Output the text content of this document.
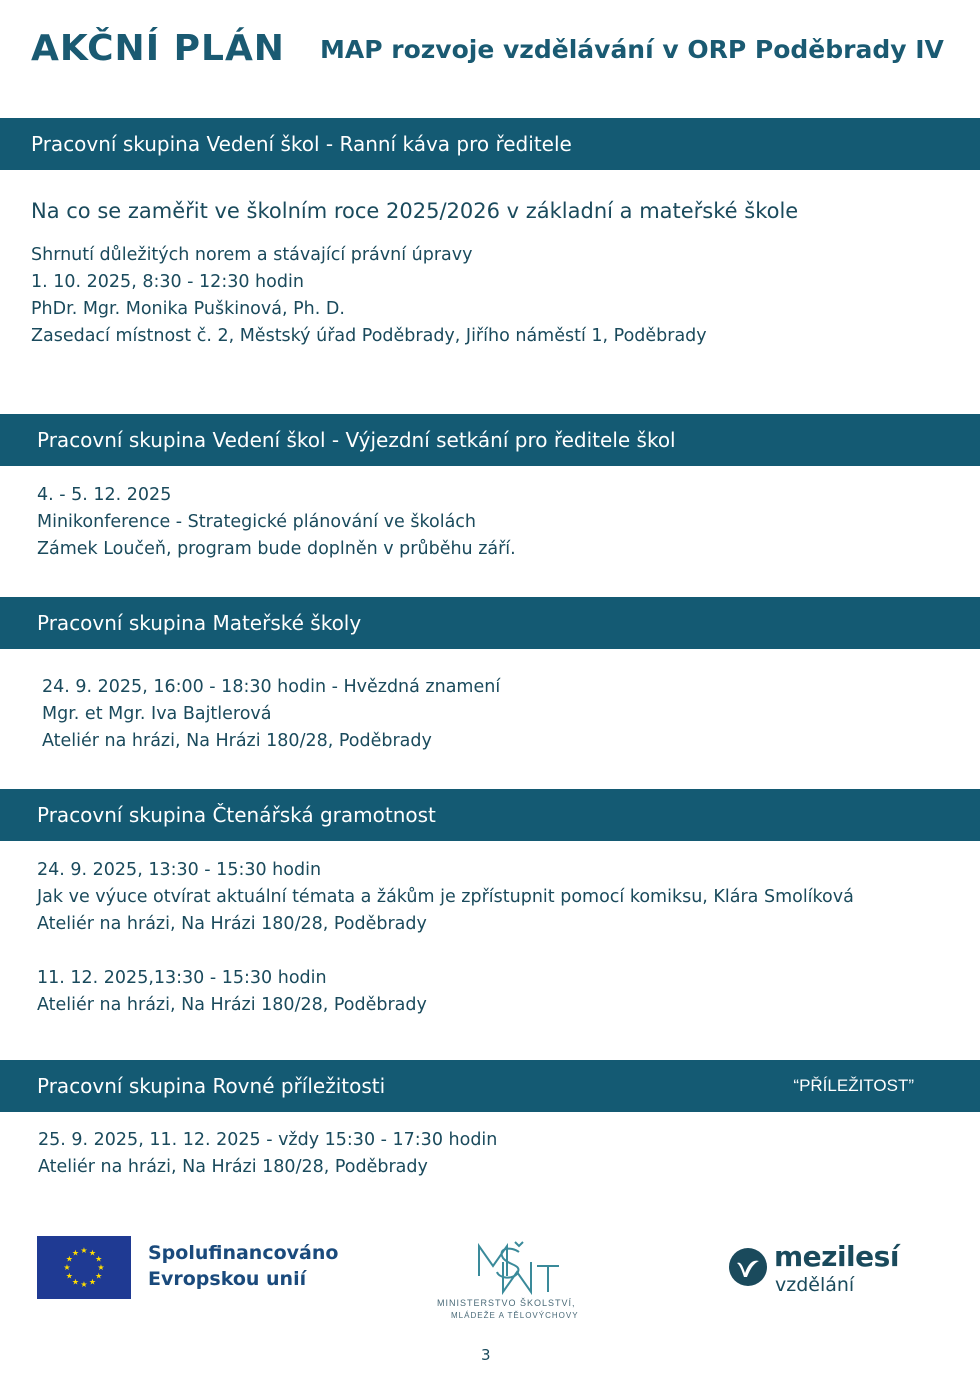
AKČNÍ PLÁN MAP rozvoje vzdělávání v ORP Poděbrady IV
Pracovní skupina Vedení škol - Ranní káva pro ředitele
Na co se zaměřit ve školním roce 2025/2026 v základní a mateřské škole
Shrnutí důležitých norem a stávající právní úpravy
1. 10. 2025, 8:30 - 12:30 hodin
PhDr. Mgr. Monika Puškinová, Ph. D.
Zasedací místnost č. 2, Městský úřad Poděbrady, Jiřího náměstí 1, Poděbrady
Pracovní skupina Vedení škol - Výjezdní setkání pro ředitele škol
4. - 5. 12. 2025
Minikonference - Strategické plánování ve školách
Zámek Loučeň, program bude doplněn v průběhu září.
Pracovní skupina Mateřské školy
24. 9. 2025, 16:00 - 18:30 hodin - Hvězdná znamení
Mgr. et Mgr. Iva Bajtlerová
Ateliér na hrázi, Na Hrázi 180/28, Poděbrady
Pracovní skupina Čtenářská gramotnost
24. 9. 2025, 13:30 - 15:30 hodin
Jak ve výuce otvírat aktuální témata a žákům je zpřístupnit pomocí komiksu, Klára Smolíková
Ateliér na hrázi, Na Hrázi 180/28, Poděbrady
11. 12. 2025,13:30 - 15:30 hodin
Ateliér na hrázi, Na Hrázi 180/28, Poděbrady
Pracovní skupina Rovné příležitosti	“PŘÍLEŽITOST”
25. 9. 2025, 11. 12. 2025 - vždy 15:30 - 17:30 hodin
Ateliér na hrázi, Na Hrázi 180/28, Poděbrady
★ ★
★
★
★
★
★
★
★
★
★
★	Spolufinancováno
Evropskou unií
MINISTERSTVO ŠKOLSTVÍ,
MLÁDEŽE A TĚLOVÝCHOVY
mezilesí
vzdělání
3
